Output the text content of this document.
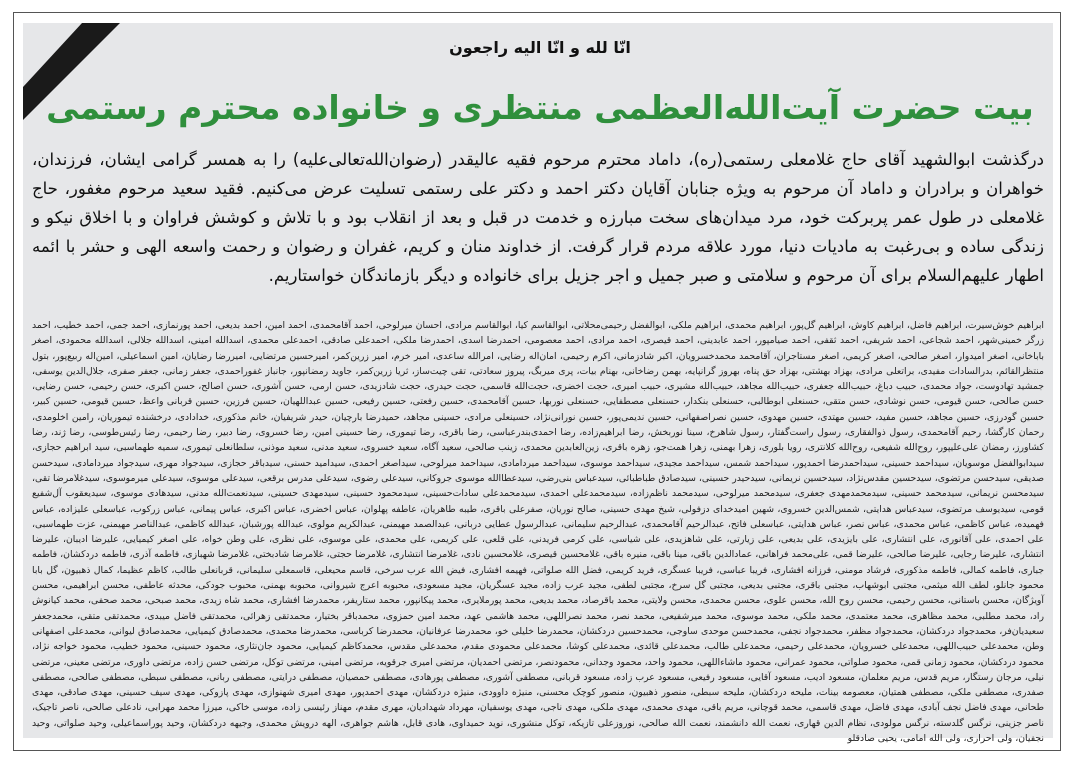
انّا لله و انّا اليه راجعون
بیت حضرت آیت‌الله‌العظمی منتظری و خانواده محترم رستمی
درگذشت ابوالشهید آقای حاج غلامعلی رستمی(ره)، داماد محترم مرحوم فقیه عالیقدر (رضوان‌الله‌تعالی‌علیه) را به همسر گرامی ایشان، فرزندان، خواهران و برادران و داماد آن مرحوم به ویژه جنابان آقایان دکتر احمد و دکتر علی رستمی تسلیت عرض می‌کنیم. فقید سعید مرحوم مغفور، حاج غلامعلی در طول عمر پربرکت خود، مرد میدان‌های سخت مبارزه و خدمت در قبل و بعد از انقلاب بود و با تلاش و کوشش فراوان و با اخلاق نیکو و زندگی ساده و بی‌رغبت به مادیات دنیا، مورد علاقه مردم قرار گرفت. از خداوند منان و کریم، غفران و رضوان و رحمت واسعه الهی و حشر با ائمه اطهار علیهم‌السلام برای آن مرحوم و سلامتی و صبر جمیل و اجر جزیل برای خانواده و دیگر بازماندگان خواستاریم.
ابراهیم خوش‌سیرت، ابراهیم فاضل، ابراهیم کاوش، ابراهیم گل‌پور، ابراهیم محمدی، ابراهیم ملکی، ابوالفضل رحیمی‌محلاتی، ابوالقاسم کیا، ابوالقاسم مرادی، احسان میرلوحی، احمد آقامحمدی، احمد امین، احمد بدیعی، احمد پورنمازی، احمد جمی، احمد خطیب، احمد زرگر خمینی‌شهر، احمد شجاعی، احمد شریفی، احمد ثقفی، احمد صیامپور، احمد عابدینی، احمد قیصری، احمد مرادی، احمد معصومی، احمدرضا اسدی، احمدرضا ملکی، احمدعلی صادقی، احمدعلی محمدی، اسدالله امینی، اسدالله جلالی، اسدالله محمودی، اصغر باباخانی، اصغر امیدوار، اصغر صالحی، اصغر کریمی، اصغر مستاجران، آقامحمد محمدخسرویان، اکبر شادزمانی، اکرم رحیمی، امان‌اله رضایی، امرالله ساعدی، امیر خرم، امیر زرین‌کمر، امیرحسین مرتضایی، امیررضا رضایان، امین اسماعیلی، امین‌اله ربیع‌پور، بتول منتظرالقائم، بدرالسادات مفیدی، براتعلی مرادی، بهزاد بهشتی، بهزاد حق پناه، بهروز گرانپایه، بهمن رضاخانی، بهنام بیات، پری میربگ، پیروز سعادتی، تقی چیت‌ساز، ثریا زرین‌کمر، جاوید رمضانپور، جانباز غفوراحمدی، جعفر زمانی، جعفر صفری، جلال‌الدین یوسفی، جمشید تهادوست، جواد محمدی، حبیب دباغ، حبیب‌الله جعفری، حبیب‌الله مجاهد، حبیب‌الله مشیری، حبیب امیری، حجت اخضری، حجت‌الله قاسمی، حجت حیدری، حجت شادزیدی، حسن ارمی، حسن آشوری، حسن اصالح، حسن اکبری، حسن رحیمی، حسن رضایی، حسن صالحی، حسن قیومی، حسن نوشادی، حسن متقی، حسنعلی ابوطالبی، حسنعلی بنکدار، حسنعلی مصطفایی، حسنعلی نوربها، حسین آقامحمدی، حسین رفعتی، حسین رفیعی، حسین عبداللهیان، حسین فرزین، حسین قربانی واعظ، حسین قیومی، حسین کبیر، حسین گودرزی، حسین مجاهد، حسین مفید، حسین مهتدی، حسین مهدوی، حسین نصراصفهانی، حسین ندیمی‌پور، حسین نورانی‌نژاد، حسینعلی مرادی، حسینی مجاهد، حمیدرضا بارچیان، حیدر شریفیان، خانم مذکوری، خدادادی، درخشنده تیموریان، رامین اخلومدی، رحمان کارگشا، رحیم آقامحمدی، رسول ذوالفقاری، رسول راست‌گفتار، رسول شاهرخ، سینا نوربخش، رضا ابراهیم‌زاده، رضا احمدی‌بندرعباسی، رضا باقری، رضا تیموری، رضا حسینی امین، رضا خسروی، رضا دبیر، رضا رحیمی، رضا رئیس‌طوسی، رضا ژند، رضا کشاورز، رمضان علی‌علیپور، روح‌الله شفیعی، روح‌الله کلانتری، رویا بلوری، زهرا بهمنی، زهرا همت‌جو، زهره باقری، زین‌العابدین محمدی، زینب صالحی، سعید آگاه، سعید خسروی، سعید مدنی، سعید موذنی، سلطانعلی تیموری، سمیه طهماسبی، سید ابراهیم حجازی، سیدابوالفضل موسویان، سیداحمد حسینی، سیداحمدرضا احمدپور، سیداحمد شمس، سیداحمد مجیدی، سیداحمد موسوی، سیداحمد میردامادی، سیداحمد میرلوحی، سیداصغر احمدی، سیدامید حسنی، سیدباقر حجازی، سیدجواد مهری، سیدجواد میردامادی، سیدحسن صدیقی، سیدحسن مرتضوی، سیدحسین مقدس‌نژاد، سیدحسین نریمانی، سیدحیدر حسینی، سیدصادق طباطبائی، سیدعباس بنی‌رضی، سیدعطاالله موسوی جروکانی، سیدعلی رضوی، سیدعلی مدرس برقعی، سیدعلی موسوی، سیدعلی میرموسوی، سیدغلامرضا تقی، سیدمحسن نریمانی، سیدمحمد حسینی، سیدمحمدمهدی جعفری، سیدمحمد میرلوحی، سیدمحمد ناظم‌زاده، سیدمحمدعلی احمدی، سیدمحمدعلی سادات‌حسینی، سیدمحمود حسینی، سیدمهدی حسینی، سیدنعمت‌الله مدنی، سیدهادی موسوی، سیدیعقوب آل‌شفیع قومی، سیدیوسف مرتضوی، سیدعباس هدایتی، شمس‌الدین خسروی، شهین امیدخدای دزفولی، شیخ مهدی حسینی، صالح نوریان، صفرعلی باقری، طیبه طاهریان، عاطفه پهلوان، عباس اخضری، عباس اکبری، عباس پیمانی، عباس زرکوب، عباسعلی علیزاده، عباس فهمیده، عباس کاظمی، عباس محمدی، عباس نصر، عباس هدایتی، عباسعلی فاتح، عبدالرحیم آقامحمدی، عبدالرحیم سلیمانی، عبدالرسول عطایی دربانی، عبدالصمد مهیمنی، عبدالکریم مولوی، عبدالله پورشبان، عبدالله کاظمی، عبدالناصر مهیمنی، عزت طهماسبی، علی احمدی، علی آقانوری، علی انتشاری، علی بایزیدی، علی بدیعی، علی زیارتی، علی شاهزیدی، علی شیاسی، علی کرمی فریدنی، علی قلعی، علی کریمی، علی محمدی، علی موسوی، علی نظری، علی وطن خواه، علی اصغر کیمیایی، علیرضا ادیبان، علیرضا انتشاری، علیرضا رجایی، علیرضا صالحی، علیرضا قمی، علی‌محمد فراهانی، عمادالدین باقی، مینا باقی، منیره باقی، غلامحسین قیصری، غلامحسین نادی، غلامرضا انتشاری، غلامرضا حجتی، غلامرضا شادبختی، غلامرضا شهبازی، فاطمه آذری، فاطمه دردکشان، فاطمه جباری، فاطمه کمالی، فاطمه مذکوری، فرشاد مومنی، فرزانه افشاری، فریبا عباسی، فریبا عسگری، فرید کریمی، فضل الله صلواتی، فهیمه افشاری، فیض الله عرب سرخی، قاسم محیعلی، قاسمعلی سلیمانی، قربانعلی طالب، کاظم عظیما، کمال ذهبیون، گل بابا محمود جانلو، لطف الله میثمی، مجتبی ابوشهاب، مجتبی باقری، مجتبی بدیعی، مجتبی گل سرخ، مجتبی لطفی، مجید عرب زاده، مجید عسگریان، مجید مسعودی، محبوبه اعرج شیروانی، محبوبه بهمنی، محبوب جودکی، محدثه عاطفی، محسن ابراهیمی، محسن آویژگان، محسن باستانی، محسن رحیمی، محسن روح الله، محسن علوی، محسن محمدی، محسن ولایتی، محمد باقرصاد، محمد بدیعی، محمد پورملایری، محمد پیکانپور، محمد ستاریفر، محمدرضا افشاری، محمد شاه زیدی، محمد صبحی، محمد صحفی، محمد کیانوش راد، محمد مطلبی، محمد مظاهری، محمد معتمدی، محمد ملکی، محمد موسوی، محمد میرشفیعی، محمد نصر، محمد نصراللهی، محمد هاشمی عهد، محمد امین حمزوی، محمدباقر بختیار، محمدتقی زهرائی، محمدتقی فاضل میبدی، محمدتقی متقی، محمدجعفر سعیدیان‌فر، محمدجواد دردکشان، محمدجواد مظفر، محمدجواد نجفی، محمدحسن موحدی ساوجی، محمدحسین دردکشان، محمدرضا خلیلی خو، محمدرضا عرفانیان، محمدرضا کرباسی، محمدرضا محمدی، محمدصادق کیمیایی، محمدصادق لیوانی، محمدعلی اصفهانی وطن، محمدعلی حبیب‌اللهی، محمدعلی خسرویان، محمدعلی رحیمی، محمدعلی طالب، محمدعلی قائدی، محمدعلی کوشا، محمدعلی محمودی مقدم، محمدعلی مقدس، محمدکاظم کیمیایی، محمود جان‌نثاری، محمود حسینی، محمود خطیب، محمود خواجه نژاد، محمود دردکشان، محمود زمانی قمی، محمود صلواتی، محمود عمرانی، محمود ماشاءاللهی، محمود واحد، محمود وجدانی، محمودنصر، مرتضی احمدیان، مرتضی امیری جرقویه، مرتضی امینی، مرتضی توکل، مرتضی حسن زاده، مرتضی داوری، مرتضی معینی، مرتضی نیلی، مرجان رستگار، مریم قدس، مریم معلمان، مسعود ادیب، مسعود آقایی، مسعود رفیعی، مسعود عرب زاده، مسعود قربانی، مصطفی آشوری، مصطفی پورهادی، مصطفی حمصیان، مصطفی درایتی، مصطفی ربانی، مصطفی سبطی، مصطفی صالحی، مصطفی صفدری، مصطفی ملکی، مصطفی همتیان، معصومه بینات، ملیحه دردکشان، ملیحه سبطی، منصور ذهبیون، منصور کوچک محسنی، منیژه داوودی، منیژه دردکشان، مهدی احمدپور، مهدی امیری شهنوازی، مهدی پازوکی، مهدی سیف حسینی، مهدی صادقی، مهدی طحانی، مهدی فاضل نجف آبادی، مهدی فاضل، مهدی قاسمی، محمد قوچانی، مریم باقی، مهدی محمدی، مهدی ملکی، مهدی ناجی، مهدی یوسفیان، مهرداد شهدادیان، مهری مقدم، مهناز رئیسی زاده، موسی خاکی، میرزا محمد مهرابی، نادعلی صالحی، ناصر تاجیک، ناصر جزینی، نرگس گلدسته، نرگس مولودی، نظام الدین قهاری، نعمت الله دانشمند، نعمت الله صالحی، نوروزعلی تازیکه، توکل منشوری، نوید حمیداوی، هادی قابل، هاشم جواهری، الهه درویش محمدی، وجیهه دردکشان، وحید پوراسماعیلی، وحید صلواتی، وحید نجفیان، ولی احراری، ولی الله امامی، یحیی صادقلو
